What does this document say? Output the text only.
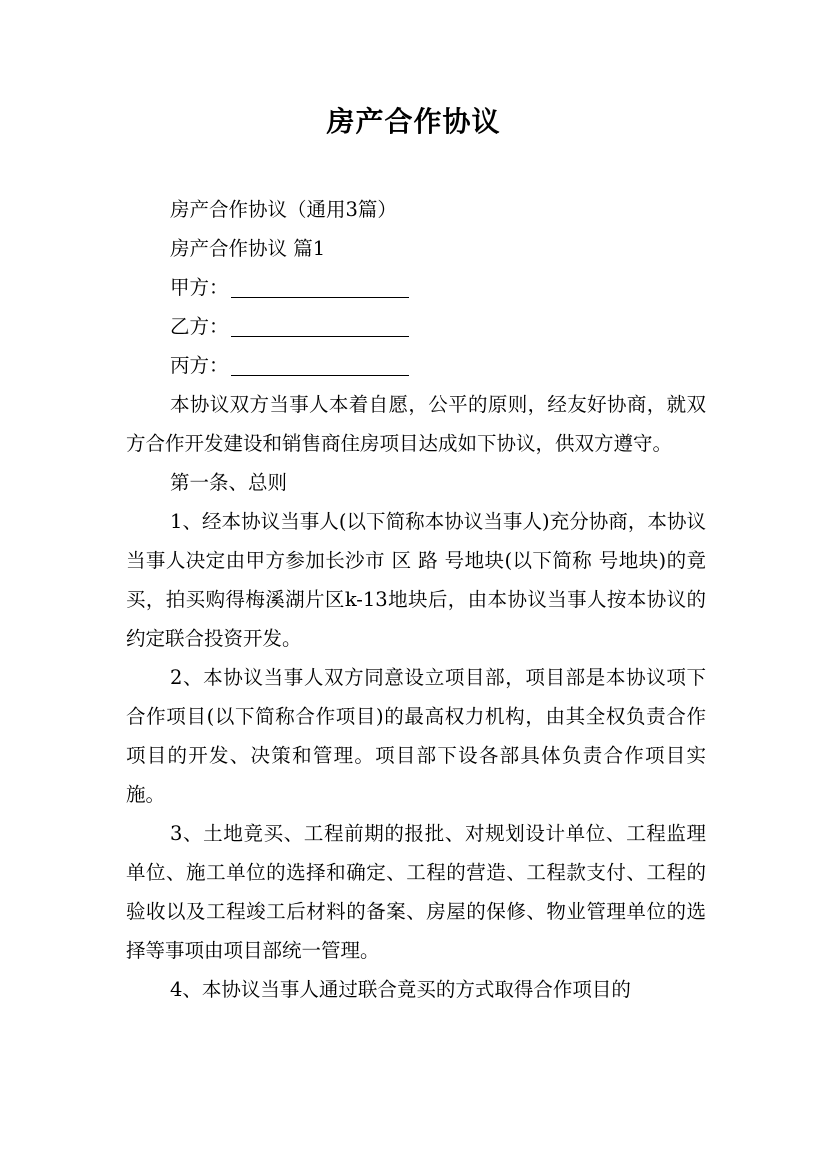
房产合作协议
房产合作协议（通用3篇）
房产合作协议 篇1
甲方：
乙方：
丙方：

本协议双方当事人本着自愿，公平的原则，经友好协商，就双方合作开发建设和销售商住房项目达成如下协议，供双方遵守。

第一条、总则

1、经本协议当事人(以下简称本协议当事人)充分协商，本协议当事人决定由甲方参加长沙市 区 路 号地块(以下简称 号地块)的竟买，拍买购得梅溪湖片区k-13地块后，由本协议当事人按本协议的约定联合投资开发。

2、本协议当事人双方同意设立项目部，项目部是本协议项下合作项目(以下简称合作项目)的最高权力机构，由其全权负责合作项目的开发、决策和管理。项目部下设各部具体负责合作项目实施。

3、土地竟买、工程前期的报批、对规划设计单位、工程监理单位、施工单位的选择和确定、工程的营造、工程款支付、工程的验收以及工程竣工后材料的备案、房屋的保修、物业管理单位的选择等事项由项目部统一管理。

4、本协议当事人通过联合竟买的方式取得合作项目的
